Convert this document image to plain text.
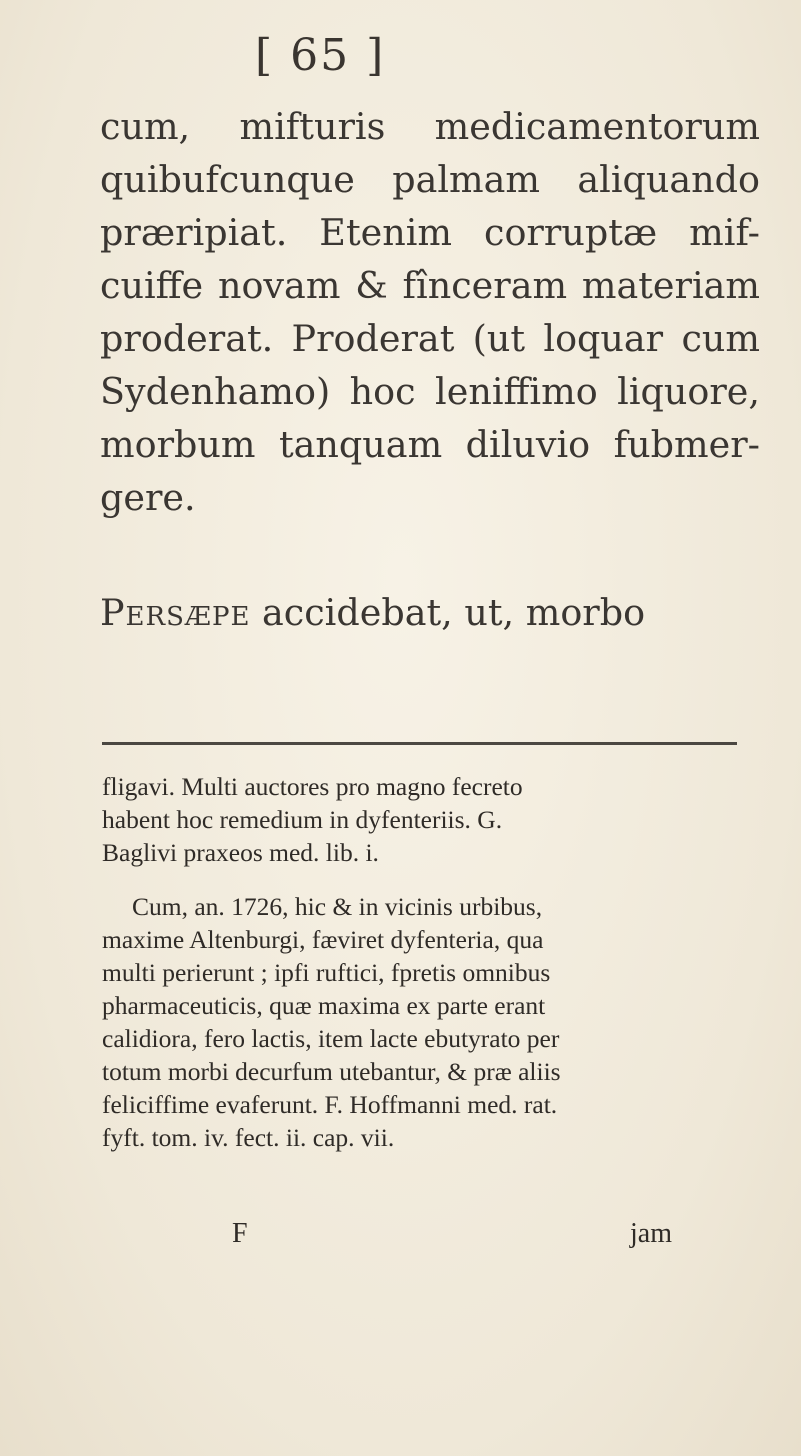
[ 65 ]
cum, mifturis medicamentorum
quibufcunque palmam aliquando
præripiat. Etenim corruptæ mif-
cuiffe novam & fînceram materiam
proderat. Proderat (ut loquar cum
Sydenhamo) hoc leniffimo liquore,
morbum tanquam diluvio fubmer-
gere.
Persæpe accidebat, ut, morbo
fligavi. Multi auctores pro magno fecreto
habent hoc remedium in dyfenteriis. G.
Baglivi praxeos med. lib. i.
Cum, an. 1726, hic & in vicinis urbibus,
maxime Altenburgi, fæviret dyfenteria, qua
multi perierunt ; ipfi ruftici, fpretis omnibus
pharmaceuticis, quæ maxima ex parte erant
calidiora, fero lactis, item lacte ebutyrato per
totum morbi decurfum utebantur, & præ aliis
feliciffime evaferunt. F. Hoffmanni med. rat.
fyft. tom. iv. fect. ii. cap. vii.
F	jam
